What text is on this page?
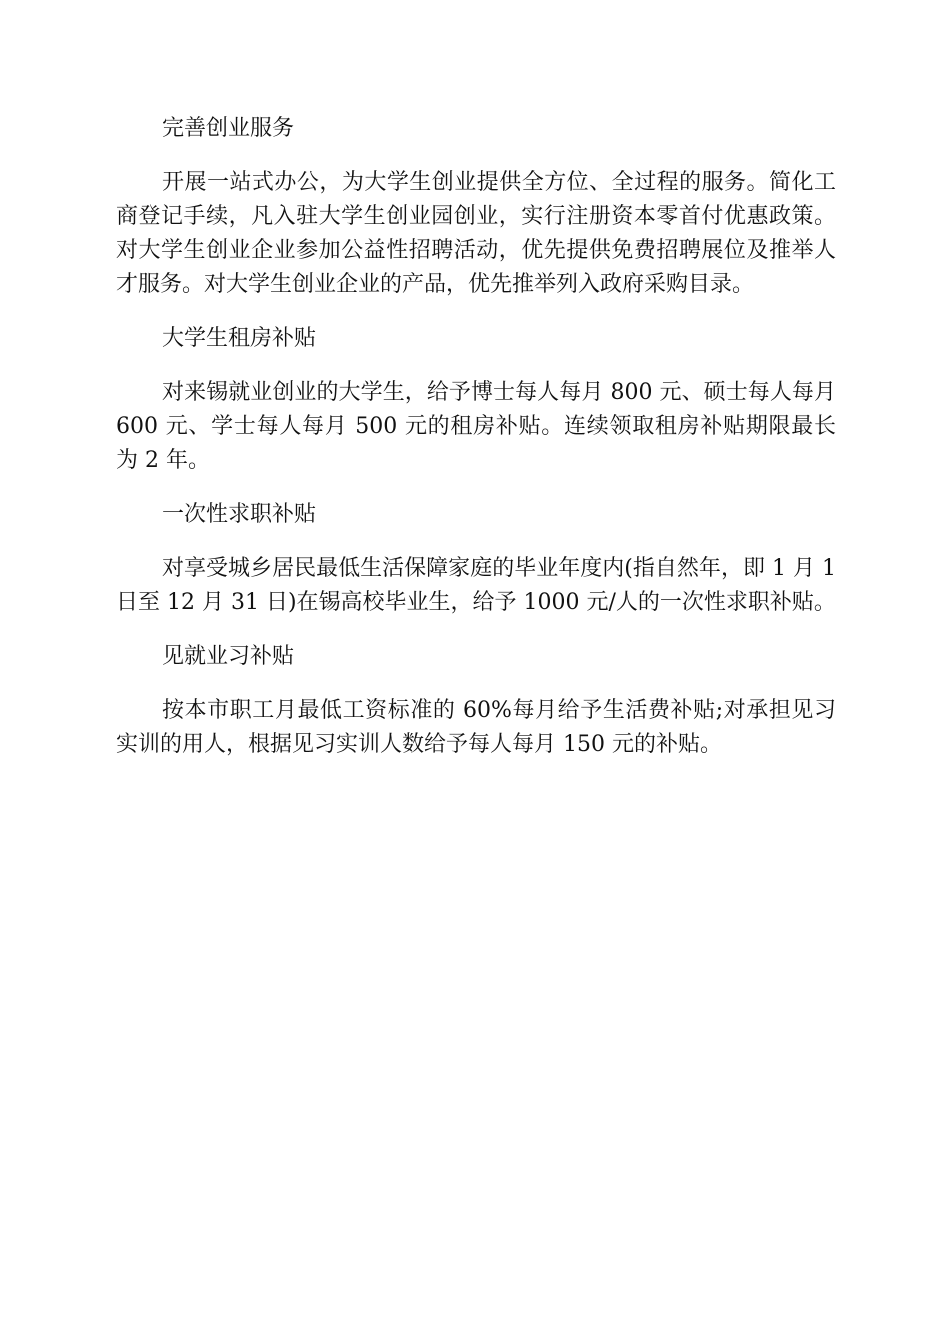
完善创业服务

开展一站式办公，为大学生创业提供全方位、全过程的服务。简化工商登记手续，凡入驻大学生创业园创业，实行注册资本零首付优惠政策。对大学生创业企业参加公益性招聘活动，优先提供免费招聘展位及推举人才服务。对大学生创业企业的产品，优先推举列入政府采购目录。

大学生租房补贴

对来锡就业创业的大学生，给予博士每人每月 800 元、硕士每人每月 600 元、学士每人每月 500 元的租房补贴。连续领取租房补贴期限最长为 2 年。

一次性求职补贴

对享受城乡居民最低生活保障家庭的毕业年度内(指自然年，即 1 月 1 日至 12 月 31 日)在锡高校毕业生，给予 1000 元/人的一次性求职补贴。

见就业习补贴

按本市职工月最低工资标准的 60%每月给予生活费补贴;对承担见习实训的用人，根据见习实训人数给予每人每月 150 元的补贴。
